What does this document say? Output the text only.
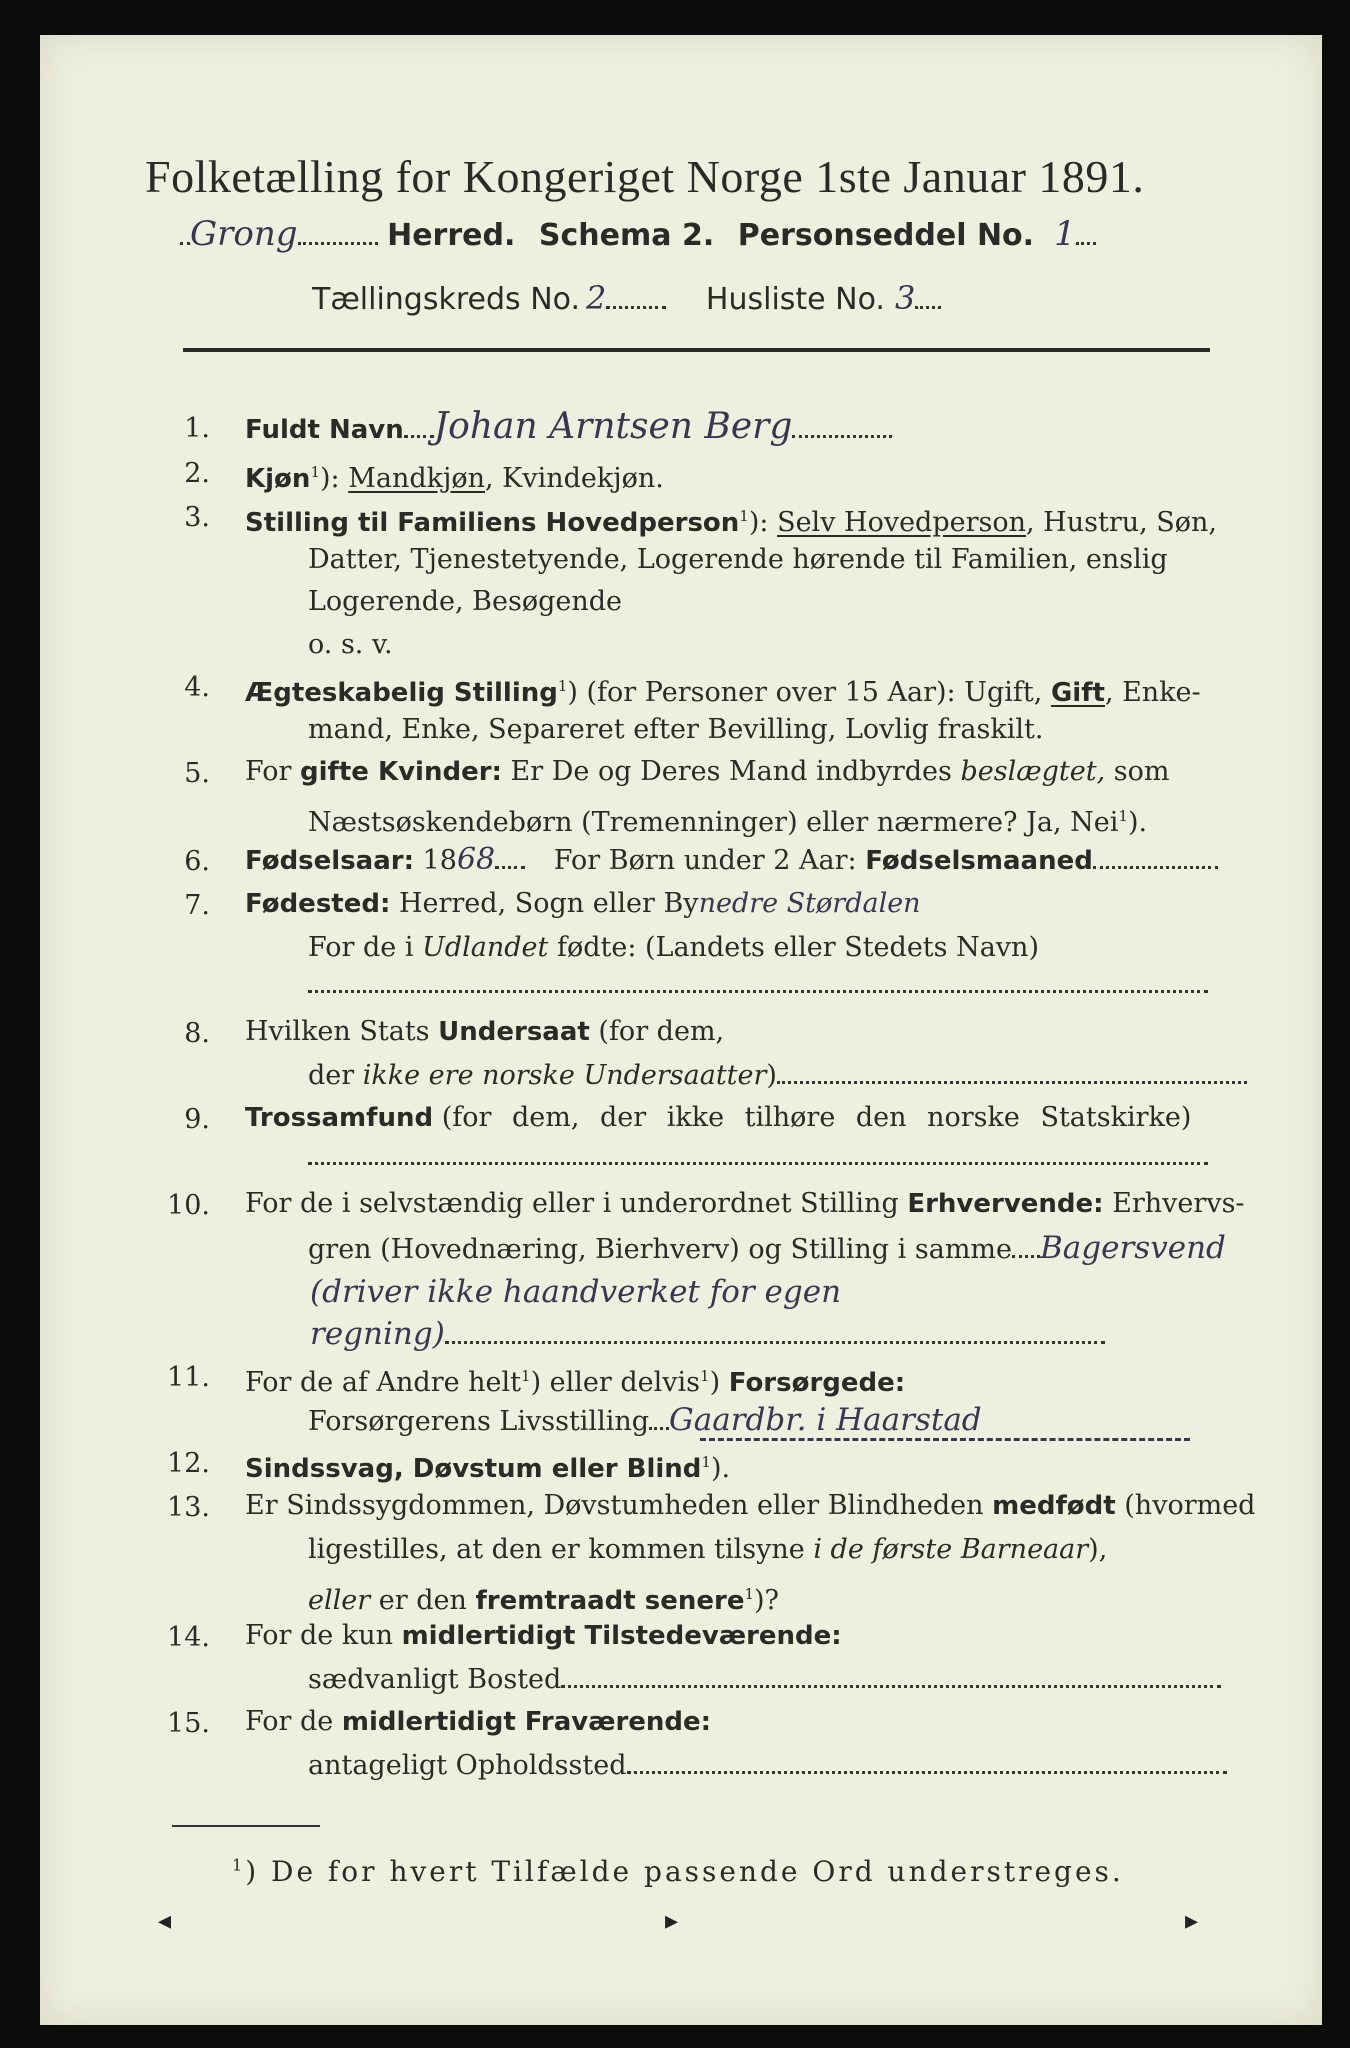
Folketælling for Kongeriget Norge 1ste Januar 1891.
Grong	Herred. Schema 2. Personseddel No. 1
Tællingskreds No. 2	Husliste No. 3
1. Fuldt Navn Johan Arntsen Berg
2. Kjøn$^1$): Mandkjøn, Kvindekjøn.
3. Stilling til Familiens Hovedperson$^1$): Selv Hovedperson, Hustru, Søn,
Datter, Tjenestetyende, Logerende hørende til Familien, enslig
Logerende, Besøgende
o. s. v.
4. Ægteskabelig Stilling$^1$) (for Personer over 15 Aar): Ugift, Gift, Enke-
mand, Enke, Separeret efter Bevilling, Lovlig fraskilt.
5. For gifte Kvinder: Er De og Deres Mand indbyrdes beslægtet, som
Næstsøskendebørn (Tremenninger) eller nærmere? Ja, Nei$^1$).
6. Fødselsaar: 1868 For Børn under 2 Aar: Fødselsmaaned
7. Fødested: Herred, Sogn eller Bynedre Størdalen
For de i Udlandet fødte: (Landets eller Stedets Navn)
8. Hvilken Stats Undersaat (for dem,
der ikke ere norske Undersaatter)
9. Trossamfund (for dem, der ikke tilhøre den norske Statskirke)
10. For de i selvstændig eller i underordnet Stilling Erhvervende: Erhvervs-
gren (Hovednæring, Bierhverv) og Stilling i samme Bagersvend
(driver ikke haandverket for egen
regning)
11. For de af Andre helt$^1$) eller delvis$^1$) Forsørgede:
Forsørgerens Livsstilling Gaardbr. i Haarstad
12. Sindssvag, Døvstum eller Blind$^1$).
13. Er Sindssygdommen, Døvstumheden eller Blindheden medfødt (hvormed
ligestilles, at den er kommen tilsyne i de første Barneaar),
eller er den fremtraadt senere$^1$)?
14. For de kun midlertidigt Tilstedeværende:
sædvanligt Bosted
15. For de midlertidigt Fraværende:
antageligt Opholdssted
$^1$) De for hvert Tilfælde passende Ord understreges.
◂	▸	▸
